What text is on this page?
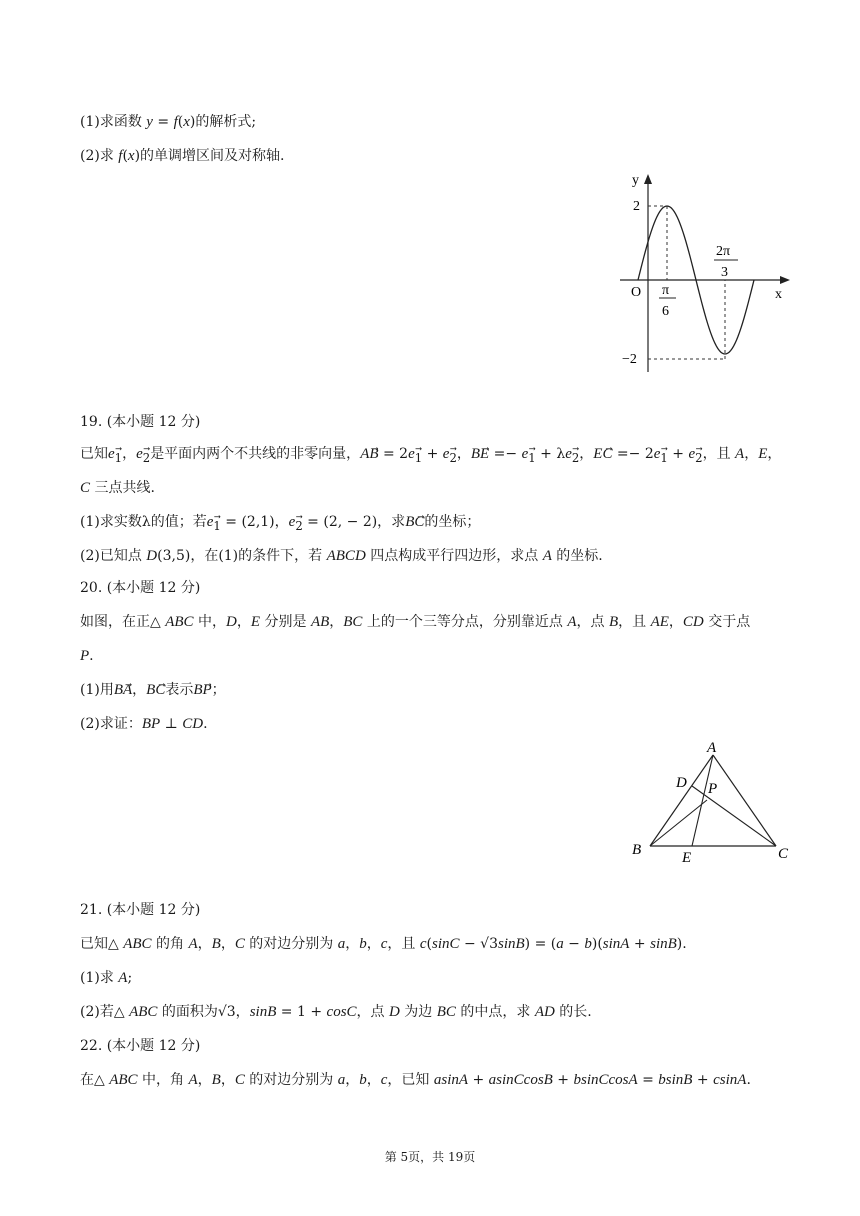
(1)求函数 y = f(x)的解析式;
(2)求 f(x)的单调增区间及对称轴.
y
x
O
2
−2
π
6
2π
3
19. (本小题 12 分)
已知$e_1⃗$，$e_2⃗$是平面内两个不共线的非零向量，AB⃗ = $2e_1⃗$ + $e_2⃗$，BE⃗ =− $e_1⃗$ + $\lambda e_2⃗$，EC⃗ =− $2e_1⃗$ + $e_2⃗$，且 A，E，
C 三点共线.
(1)求实数λ的值；若$e_1⃗ = (2,1)$，$e_2⃗ = (2$, − 2)，求BC⃗的坐标；
(2)已知点 D(3,5)，在(1)的条件下，若 ABCD 四点构成平行四边形，求点 A 的坐标.
20. (本小题 12 分)
如图，在正△ ABC 中，D，E 分别是 AB，BC 上的一个三等分点，分别靠近点 A，点 B，且 AE，CD 交于点
P.
(1)用BA⃗，BC⃗表示BP⃗；
(2)求证：BP ⊥ CD.
A
B	C
D
E
P
21. (本小题 12 分)
已知△ ABC 的角 A，B，C 的对边分别为 a，b，c，且 c(sinC − √3sinB) = (a − b)(sinA + sinB).
(1)求 A;
(2)若△ ABC 的面积为√3，sinB = 1 + cosC，点 D 为边 BC 的中点，求 AD 的长.
22. (本小题 12 分)
在△ ABC 中，角 A，B，C 的对边分别为 a，b，c，已知 asinA + asinCcosB + bsinCcosA = bsinB + csinA.
第 5页，共 19页
